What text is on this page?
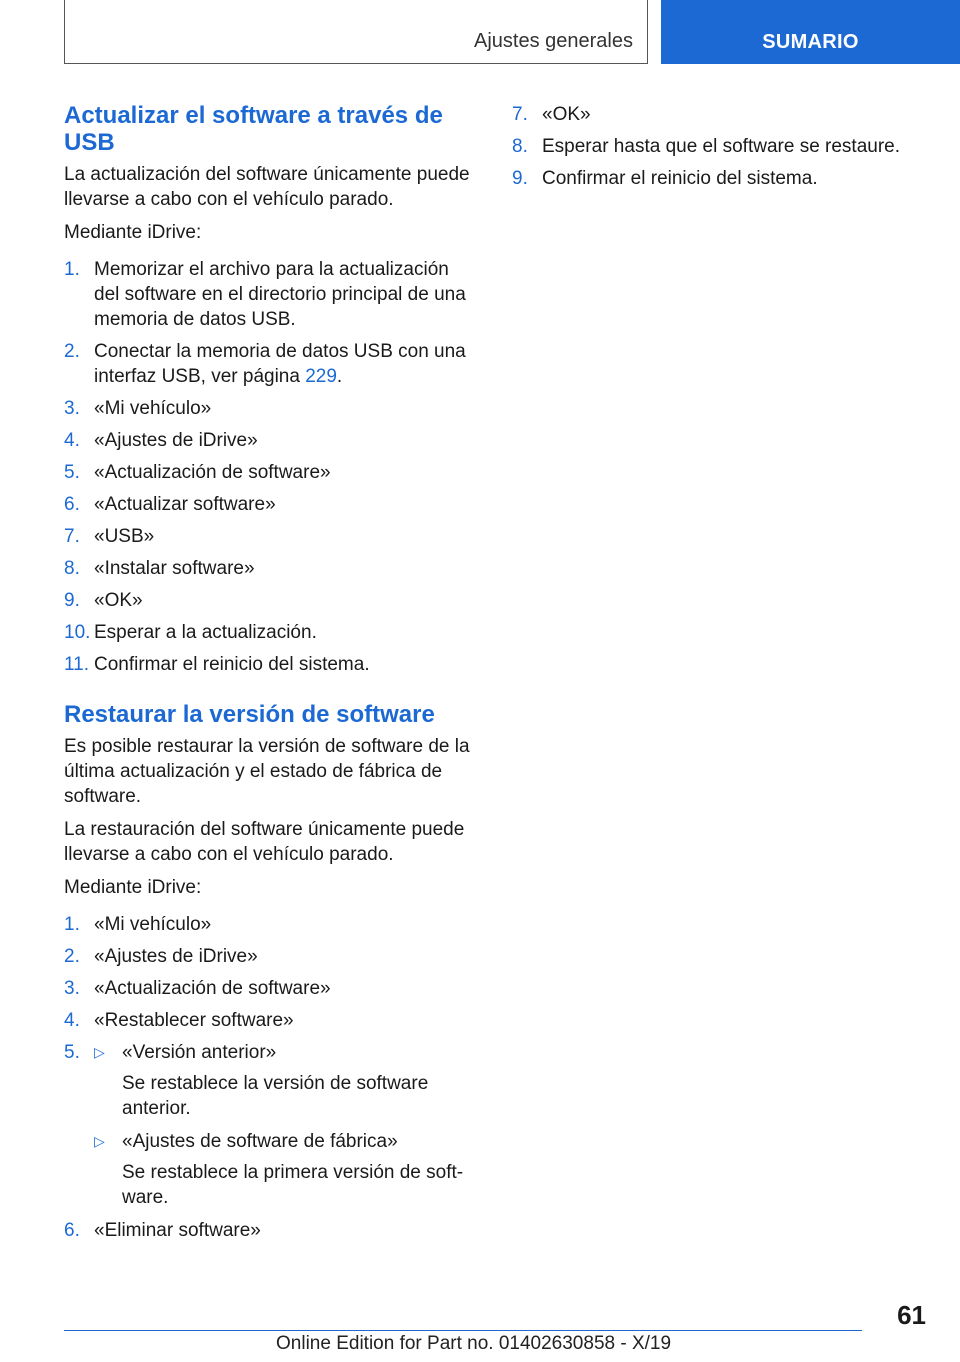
Ajustes generales	SUMARIO
Actualizar el software a través de USB

La actualización del software únicamente puede llevarse a cabo con el vehículo parado.

Mediante iDrive:

1. Memorizar el archivo para la actualización del software en el directorio principal de una memoria de datos USB.
2. Conectar la memoria de datos USB con una interfaz USB, ver página 229.
3. «Mi vehículo»
4. «Ajustes de iDrive»
5. «Actualización de software»
6. «Actualizar software»
7. «USB»
8. «Instalar software»
9. «OK»
10. Esperar a la actualización.
11. Confirmar el reinicio del sistema.
Restaurar la versión de software

Es posible restaurar la versión de software de la última actualización y el estado de fábrica de software.

La restauración del software únicamente puede llevarse a cabo con el vehículo parado.

Mediante iDrive:

1. «Mi vehículo»
2. «Ajustes de iDrive»
3. «Actualización de software»
4. «Restablecer software»
5. ▷ «Versión anterior»
Se restablece la versión de software anterior.
▷ «Ajustes de software de fábrica»
Se restablece la primera versión de software.
6. «Eliminar software»
7. «OK»
8. Esperar hasta que el software se restaure.
9. Confirmar el reinicio del sistema.
61
Online Edition for Part no. 01402630858 - X/19
